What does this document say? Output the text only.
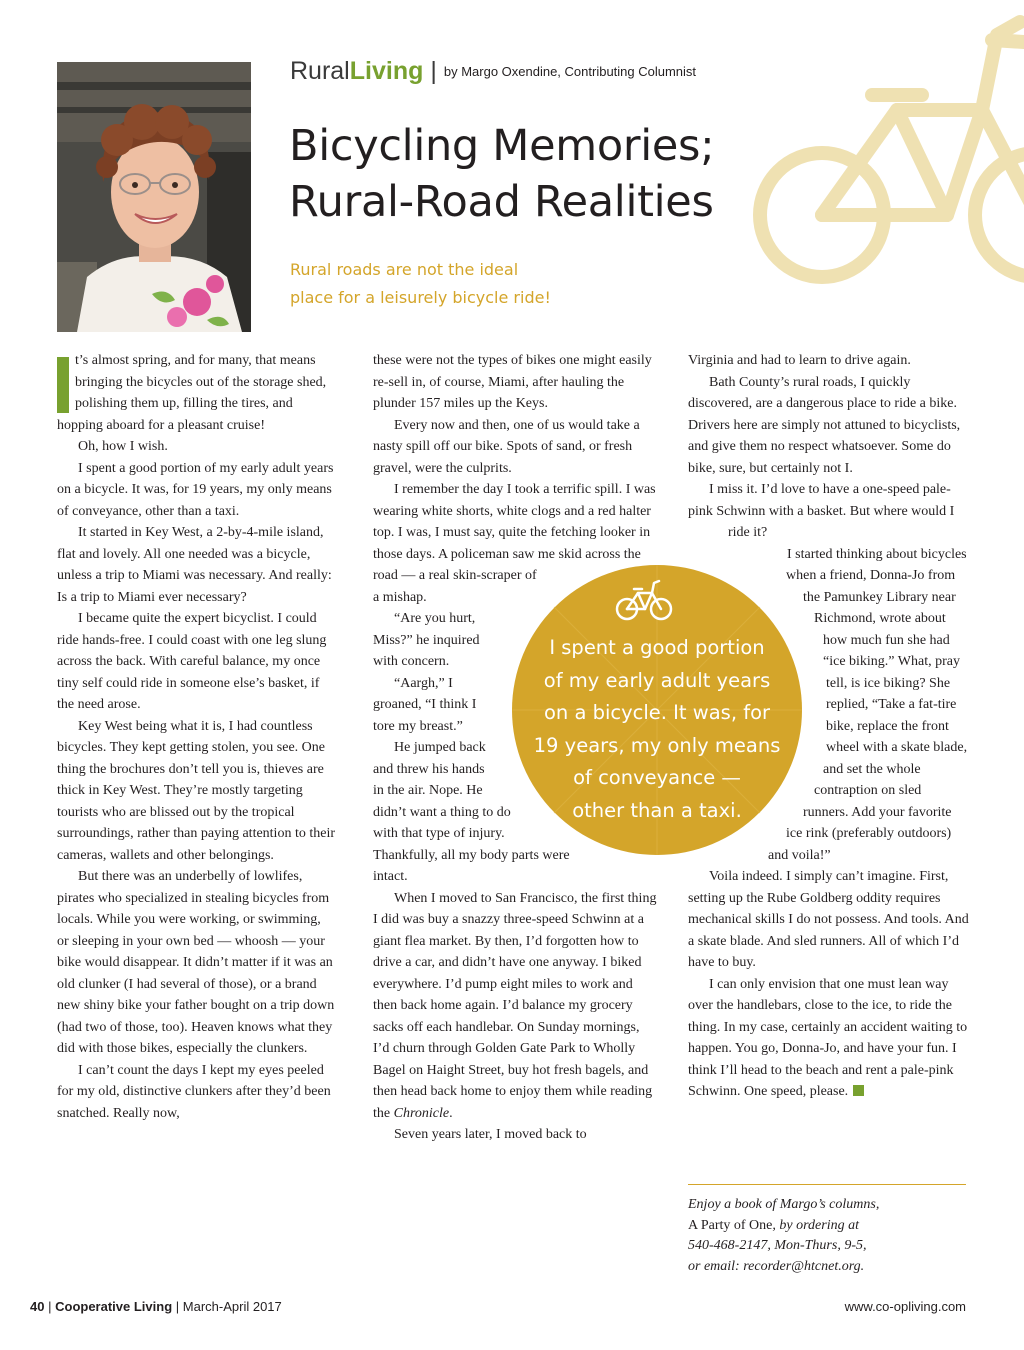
RuralLiving | by Margo Oxendine, Contributing Columnist
Bicycling Memories;
Rural-Road Realities
Rural roads are not the ideal
place for a leisurely bicycle ride!

t’s almost spring, and for many, that means bringing the bicycles out of the storage shed, polishing them up, filling the tires, and hopping aboard for a pleasant cruise!

Oh, how I wish.

I spent a good portion of my early adult years on a bicycle. It was, for 19 years, my only means of conveyance, other than a taxi.

It started in Key West, a 2-by-4-mile island, flat and lovely. All one needed was a bicycle, unless a trip to Miami was necessary. And really: Is a trip to Miami ever necessary?

I became quite the expert bicyclist. I could ride hands-free. I could coast with one leg slung across the back. With careful balance, my once tiny self could ride in someone else’s basket, if the need arose.

Key West being what it is, I had countless bicycles. They kept getting stolen, you see. One thing the brochures don’t tell you is, thieves are thick in Key West. They’re mostly targeting tourists who are blissed out by the tropical surroundings, rather than paying attention to their cameras, wallets and other belongings.

But there was an underbelly of lowlifes, pirates who specialized in stealing bicycles from locals. While you were working, or swimming, or sleeping in your own bed — whoosh — your bike would disappear. It didn’t matter if it was an old clunker (I had several of those), or a brand new shiny bike your father bought on a trip down (had two of those, too). Heaven knows what they did with those bikes, especially the clunkers.

I can’t count the days I kept my eyes peeled for my old, distinctive clunkers after they’d been snatched. Really now,

these were not the types of bikes one might easily re-sell in, of course, Miami, after hauling the plunder 157 miles up the Keys.

Every now and then, one of us would take a nasty spill off our bike. Spots of sand, or fresh gravel, were the culprits.

I remember the day I took a terrific spill. I was wearing white shorts, white clogs and a red halter top. I was, I must say, quite the fetching looker in those days. A policeman saw me skid across the road — a real skin-scraper of a mishap.

“Are you hurt, Miss?” he inquired with concern.

“Aargh,” I groaned, “I think I tore my breast.”

He jumped back and threw his hands in the air. Nope. He didn’t want a thing to do with that type of injury. Thankfully, all my body parts were intact.

When I moved to San Francisco, the first thing I did was buy a snazzy three-speed Schwinn at a giant flea market. By then, I’d forgotten how to drive a car, and didn’t have one anyway. I biked everywhere. I’d pump eight miles to work and then back home again. I’d balance my grocery sacks off each handlebar. On Sunday mornings, I’d churn through Golden Gate Park to Wholly Bagel on Haight Street, buy hot fresh bagels, and then head back home to enjoy them while reading the Chronicle.

Seven years later, I moved back to

Virginia and had to learn to drive again.

Bath County’s rural roads, I quickly discovered, are a dangerous place to ride a bike. Drivers here are simply not attuned to bicyclists, and give them no respect whatsoever. Some do bike, sure, but certainly not I.

I miss it. I’d love to have a one-speed pale-pink Schwinn with a basket. But where would I ride it?

I started thinking about bicycles when a friend, Donna-Jo from the Pamunkey Library near Richmond, wrote about how much fun she had “ice biking.” What, pray tell, is ice biking? She replied, “Take a fat-tire bike, replace the front wheel with a skate blade, and set the whole contraption on sled runners. Add your favorite ice rink (preferably outdoors) and voila!”

Voila indeed. I simply can’t imagine. First, setting up the Rube Goldberg oddity requires mechanical skills I do not possess. And tools. And a skate blade. And sled runners. All of which I’d have to buy.

I can only envision that one must lean way over the handlebars, close to the ice, to ride the thing. In my case, certainly an accident waiting to happen. You go, Donna-Jo, and have your fun. I think I’ll head to the beach and rent a pale-pink Schwinn. One speed, please.

I spent a good portion
of my early adult years
on a bicycle. It was, for
19 years, my only means
of conveyance —
other than a taxi.
Enjoy a book of Margo’s columns,
A Party of One, by ordering at
540-468-2147, Mon-Thurs, 9-5,
or email: recorder@htcnet.org.
40 | Cooperative Living | March-April 2017	www.co-opliving.com
